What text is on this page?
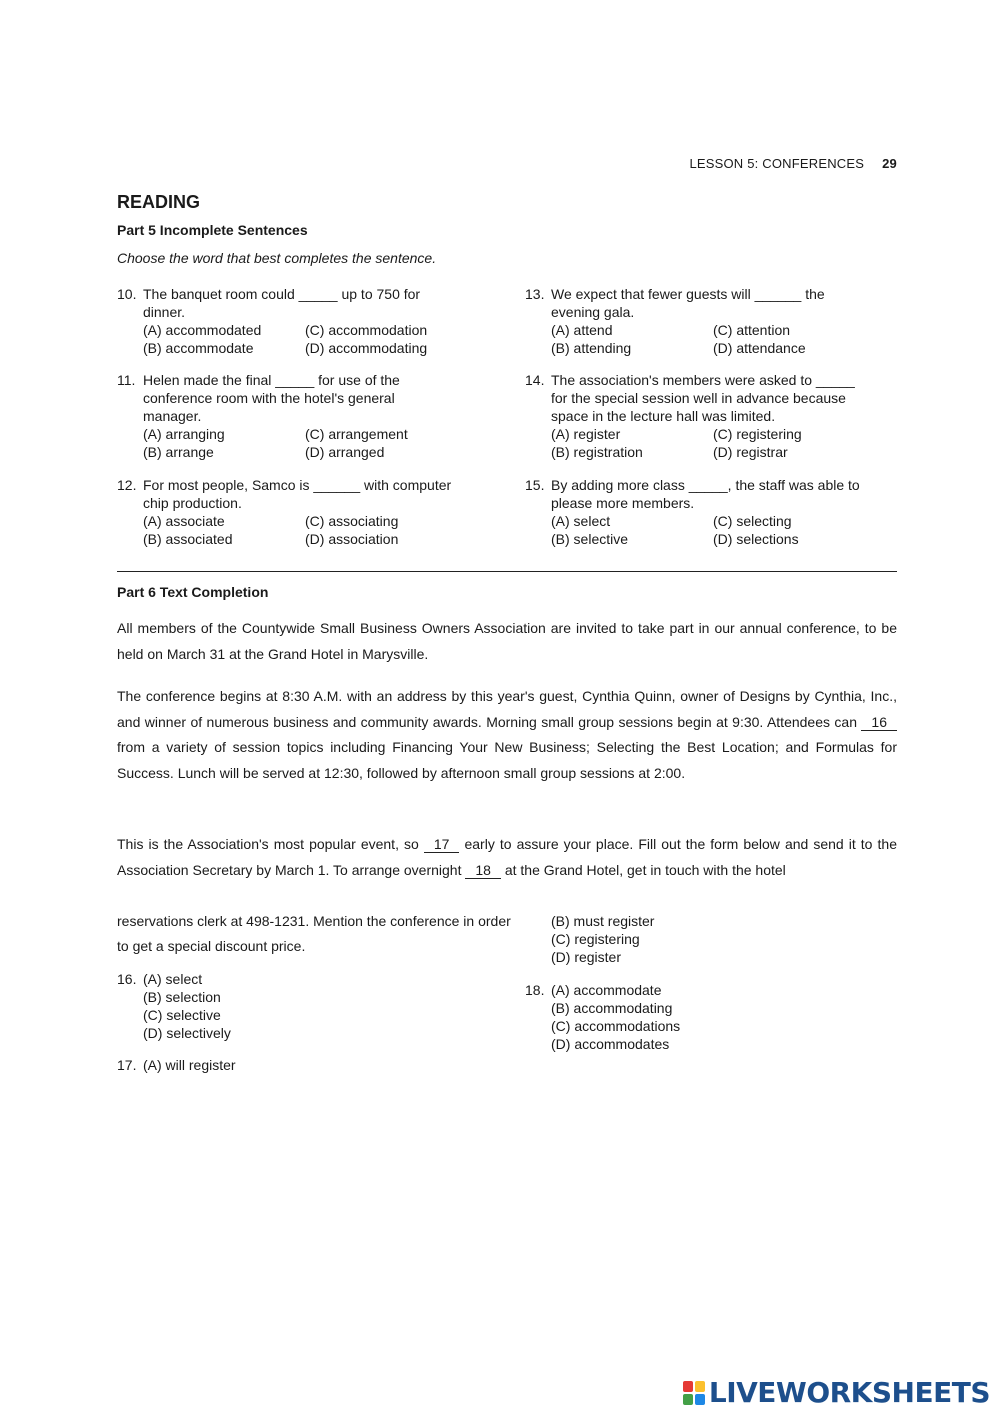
LESSON 5: CONFERENCES 29
READING
Part 5 Incomplete Sentences
Choose the word that best completes the sentence.
10. The banquet room could _____ up to 750 for
dinner.
(A) accommodated	(C) accommodation
(B) accommodate	(D) accommodating
11. Helen made the final _____ for use of the
conference room with the hotel's general
manager.
(A) arranging	(C) arrangement
(B) arrange	(D) arranged
12. For most people, Samco is ______ with computer
chip production.
(A) associate	(C) associating
(B) associated	(D) association
13. We expect that fewer guests will ______ the
evening gala.
(A) attend	(C) attention
(B) attending	(D) attendance
14. The association's members were asked to _____
for the special session well in advance because
space in the lecture hall was limited.
(A) register	(C) registering
(B) registration	(D) registrar
15. By adding more class _____, the staff was able to
please more members.
(A) select	(C) selecting
(B) selective	(D) selections
Part 6 Text Completion
All members of the Countywide Small Business Owners Association are invited to take part in our annual conference, to be held on March 31 at the Grand Hotel in Marysville.
The conference begins at 8:30 A.M. with an address by this year's guest, Cynthia Quinn, owner of Designs by Cynthia, Inc., and winner of numerous business and community awards. Morning small group sessions begin at 9:30. Attendees can 16 from a variety of session topics including Financing Your New Business; Selecting the Best Location; and Formulas for Success. Lunch will be served at 12:30, followed by afternoon small group sessions at 2:00.
This is the Association's most popular event, so 17 early to assure your place. Fill out the form below and send it to the Association Secretary by March 1. To arrange overnight 18 at the Grand Hotel, get in touch with the hotel
reservations clerk at 498-1231. Mention the conference in order to get a special discount price.
16. (A) select
(B) selection
(C) selective
(D) selectively
17. (A) will register
(B) must register
(C) registering
(D) register
18. (A) accommodate
(B) accommodating
(C) accommodations
(D) accommodates
LIVEWORKSHEETS
